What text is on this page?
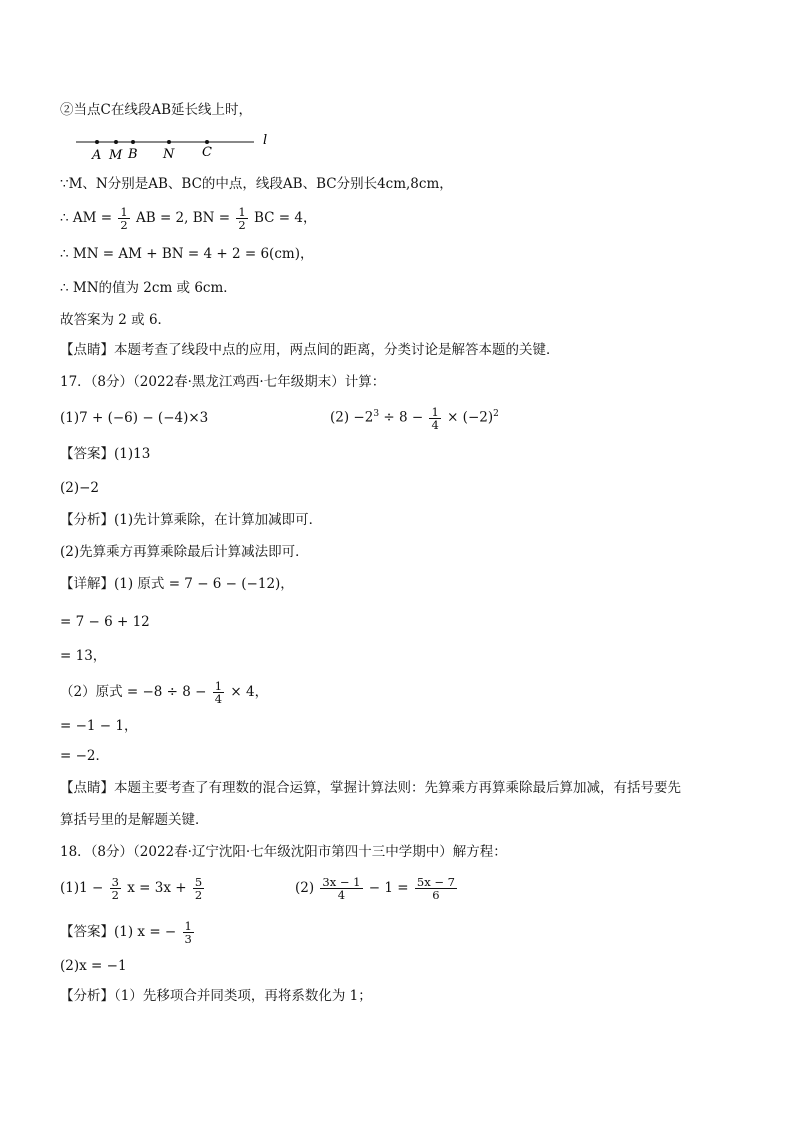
②当点C在线段AB延长线上时，
l
A M B N C
∵M、N分别是AB、BC的中点，线段AB、BC分别长4cm,8cm，
∴ AM = $\frac{1}{2}$ AB = 2, BN = $\frac{1}{2}$ BC = 4，
∴ MN = AM + BN = 4 + 2 = 6(cm)，
∴ MN的值为 2cm 或 6cm．
故答案为 2 或 6．
【点睛】本题考查了线段中点的应用，两点间的距离，分类讨论是解答本题的关键．
17．（8分）（2022春·黑龙江鸡西·七年级期末）计算：
(1)7 + (−6) − (−4)×3	$(2) -2^3 \div 8 - \frac{1}{4} \times (-2)^2$
【答案】(1)13
(2)−2
【分析】(1)先计算乘除，在计算加减即可．
(2)先算乘方再算乘除最后计算减法即可．
【详解】(1) 原式 = 7 − 6 − (−12)，
= 7 − 6 + 12
= 13，
（2）原式 = $-8 \div 8 - \frac{1}{4} \times 4$，
= −1 − 1，
= −2．
【点睛】本题主要考查了有理数的混合运算，掌握计算法则：先算乘方再算乘除最后算加减，有括号要先
算括号里的是解题关键．
18．（8分）（2022春·辽宁沈阳·七年级沈阳市第四十三中学期中）解方程：
$(1)1 - \frac{3}{2}$ $x = 3x + \frac{5}{2}$	$(2) \frac{3x - 1}{4} - 1 = \frac{5x - 7}{6}$
【答案】(1) x = − $\frac{1}{3}$
(2)x = −1
【分析】（1）先移项合并同类项，再将系数化为 1；
